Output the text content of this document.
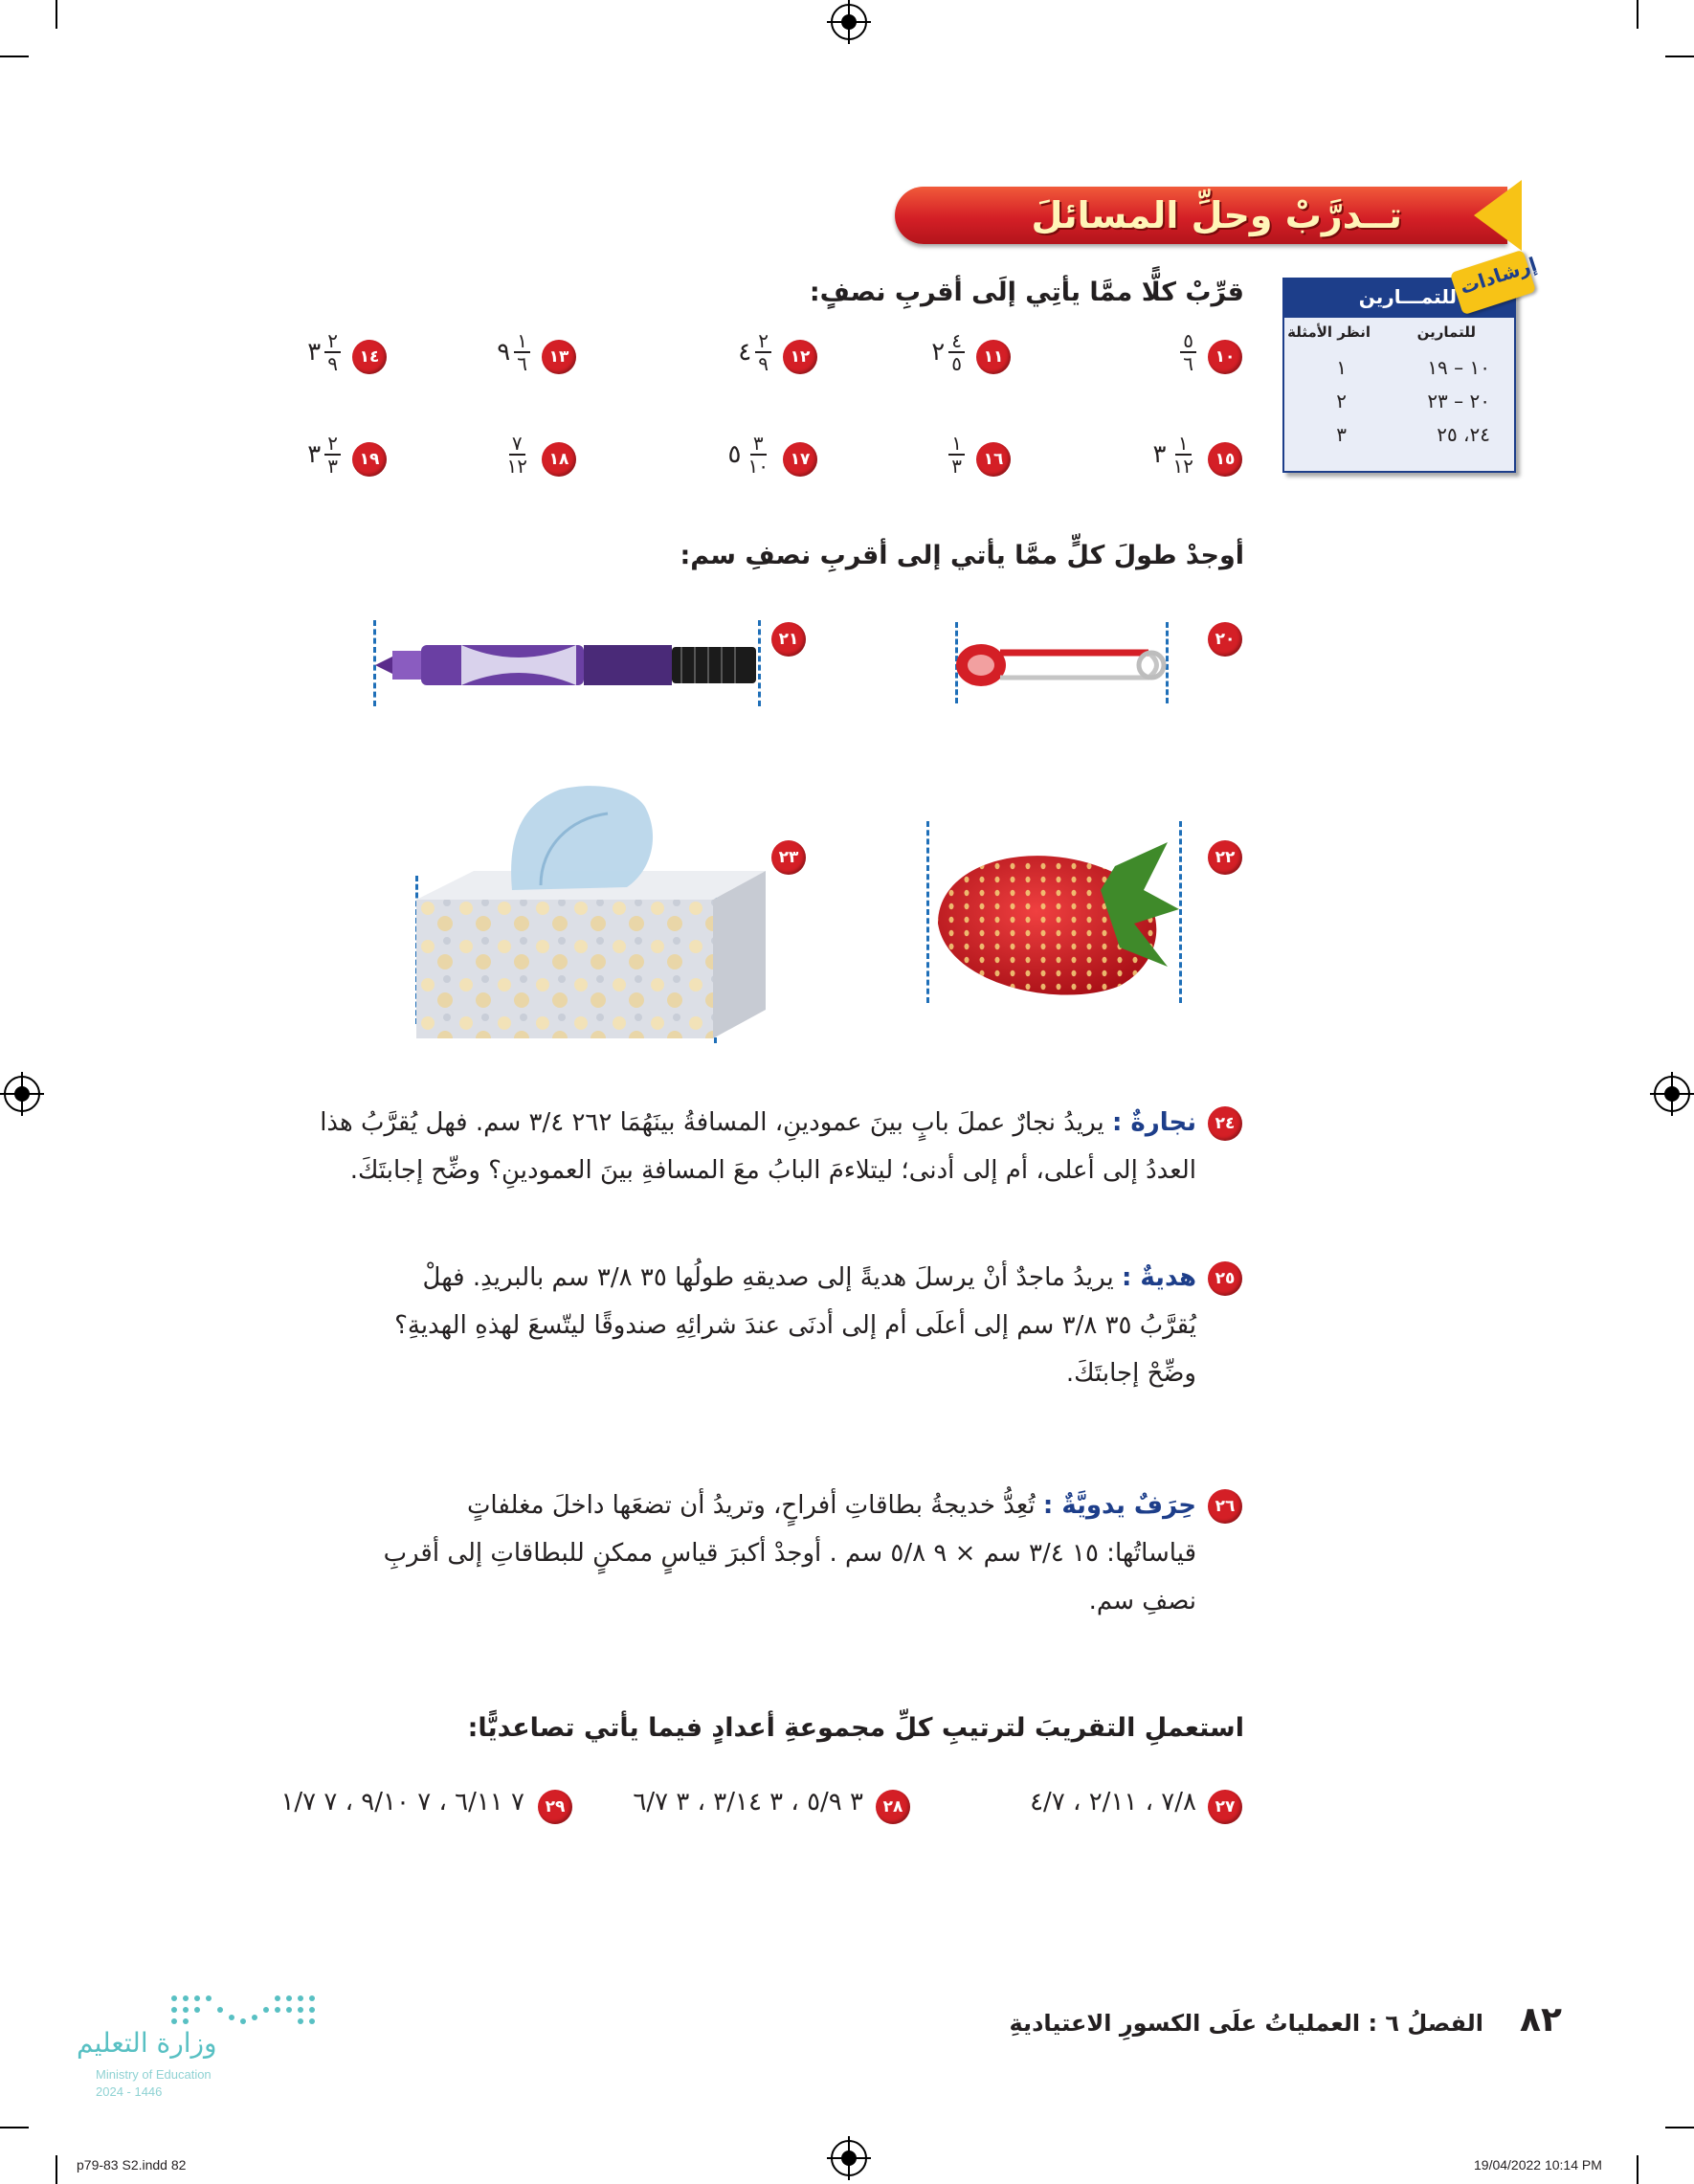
تــدرَّبْ وحلِّ المسائلَ
للتمـــارين
للتمارين
انظر الأمثلة
١٠ – ١٩
١
٢٠ – ٢٣
٢
٢٤، ٢٥
٣
إرشادات
قرِّبْ كلًّا ممَّا يأتِي إلَى أقربِ نصفٍ:
١٠
$\frac{٥}{٦}$
١١
٢ $\frac{٤}{٥}$
١٢
٤ $\frac{٢}{٩}$
١٣
٩ $\frac{١}{٦}$
١٤
٣ $\frac{٢}{٩}$
١٥
٣ $\frac{١}{١٢}$
١٦
$\frac{١}{٣}$
١٧
٥ $\frac{٣}{١٠}$
١٨
$\frac{٧}{١٢}$
١٩
٣ $\frac{٢}{٣}$
أوجدْ طولَ كلٍّ ممَّا يأتي إلى أقربِ نصفِ سم:
٢٠
٢١
٢٢
٢٣
٢٤
نجارةٌ : يريدُ نجارٌ عملَ بابٍ بينَ عمودينِ، المسافةُ بينَهُمَا ٢٦٢ ٣/٤ سم. فهل يُقرَّبُ هذا
العددُ إلى أعلى، أم إلى أدنى؛ ليتلاءمَ البابُ معَ المسافةِ بينَ العمودينِ؟ وضِّح إجابتَكَ.
٢٥
هديةٌ : يريدُ ماجدٌ أنْ يرسلَ هديةً إلى صديقهِ طولُها ٣٥ ٣/٨ سم بالبريدِ. فهلْ
يُقرَّبُ ٣٥ ٣/٨ سم إلى أعلَى أم إلى أدنَى عندَ شرائِهِ صندوقًا ليتّسعَ لهذهِ الهديةِ؟
وضِّحْ إجابتَكَ.
٢٦
حِرَفٌ يدويَّةٌ : تُعِدُّ خديجةُ بطاقاتِ أفراحٍ، وتريدُ أن تضعَها داخلَ مغلفاتٍ
قياساتُها: ١٥ ٣/٤ سم × ٩ ٥/٨ سم . أوجدْ أكبرَ قياسٍ ممكنٍ للبطاقاتِ إلى أقربِ
نصفِ سم.
استعملِ التقريبَ لترتيبِ كلِّ مجموعةِ أعدادٍ فيما يأتي تصاعديًّا:
٢٧
٧/٨ ، ٢/١١ ، ٤/٧
٢٨
٣ ٥/٩ ، ٣ ٣/١٤ ، ٣ ٦/٧
٢٩
٧ ٦/١١ ، ٧ ٩/١٠ ، ٧ ١/٧
٨٢
الفصلُ ٦ : العملياتُ علَى الكسورِ الاعتياديةِ
وزارة التعليم
Ministry of Education
2024 - 1446
p79-83 S2.indd 82	19/04/2022 10:14 PM
